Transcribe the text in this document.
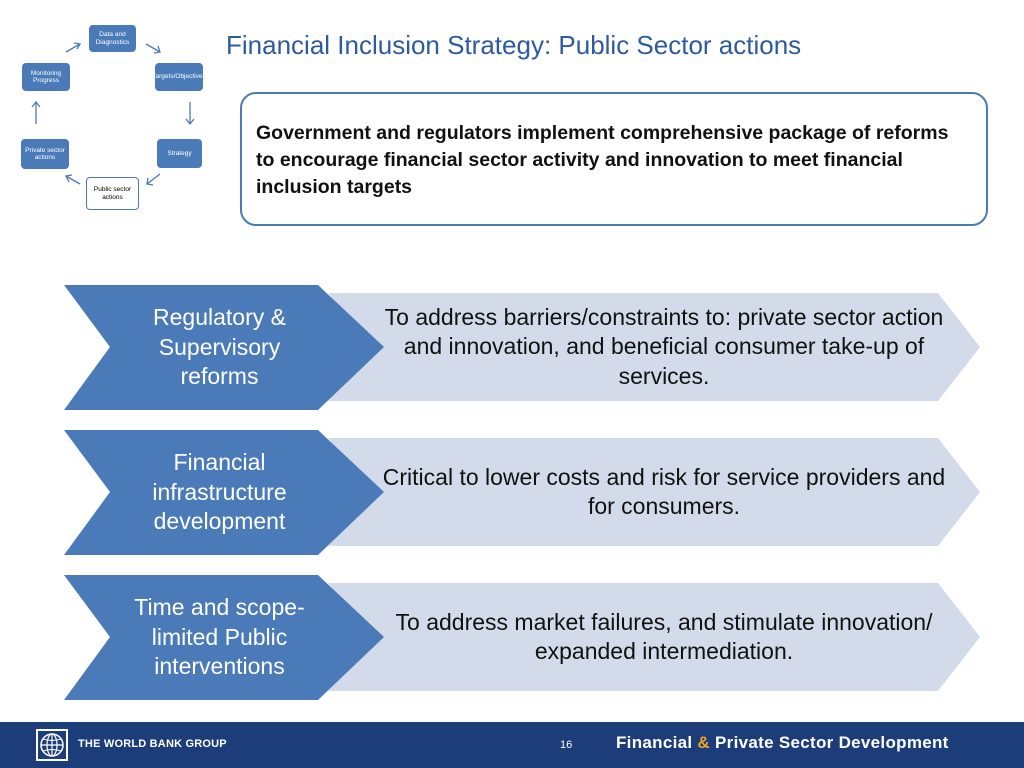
Data and Diagnostics
Targets/Objectives
Strategy
Public sector actions
Private sector actions
Monitoring Progress
Financial Inclusion Strategy: Public Sector actions
Government and regulators implement comprehensive package of reforms to encourage financial sector activity and innovation to meet financial inclusion targets
Regulatory & Supervisory reforms
To address barriers/constraints to: private sector action and innovation, and beneficial consumer take-up of services.
Financial infrastructure development
Critical to lower costs and risk for service providers and for consumers.
Time and scope-limited Public interventions
To address market failures, and stimulate innovation/ expanded intermediation.
THE WORLD BANK GROUP	16	Financial & Private Sector Development
